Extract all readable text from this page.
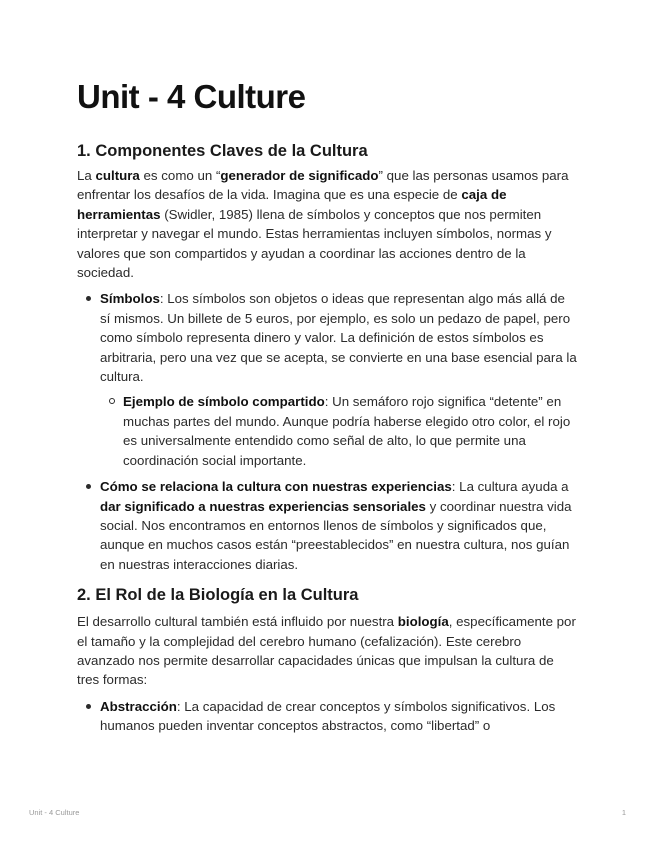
Unit - 4 Culture
1. Componentes Claves de la Cultura

La cultura es como un “generador de significado” que las personas usamos para enfrentar los desafíos de la vida. Imagina que es una especie de caja de herramientas (Swidler, 1985) llena de símbolos y conceptos que nos permiten interpretar y navegar el mundo. Estas herramientas incluyen símbolos, normas y valores que son compartidos y ayudan a coordinar las acciones dentro de la sociedad.

Símbolos: Los símbolos son objetos o ideas que representan algo más allá de sí mismos. Un billete de 5 euros, por ejemplo, es solo un pedazo de papel, pero como símbolo representa dinero y valor. La definición de estos símbolos es arbitraria, pero una vez que se acepta, se convierte en una base esencial para la cultura.
Ejemplo de símbolo compartido: Un semáforo rojo significa “detente” en muchas partes del mundo. Aunque podría haberse elegido otro color, el rojo es universalmente entendido como señal de alto, lo que permite una coordinación social importante.
Cómo se relaciona la cultura con nuestras experiencias: La cultura ayuda a dar significado a nuestras experiencias sensoriales y coordinar nuestra vida social. Nos encontramos en entornos llenos de símbolos y significados que, aunque en muchos casos están “preestablecidos” en nuestra cultura, nos guían en nuestras interacciones diarias.
2. El Rol de la Biología en la Cultura

El desarrollo cultural también está influido por nuestra biología, específicamente por el tamaño y la complejidad del cerebro humano (cefalización). Este cerebro avanzado nos permite desarrollar capacidades únicas que impulsan la cultura de tres formas:

Abstracción: La capacidad de crear conceptos y símbolos significativos. Los humanos pueden inventar conceptos abstractos, como “libertad” o
Unit - 4 Culture	1
